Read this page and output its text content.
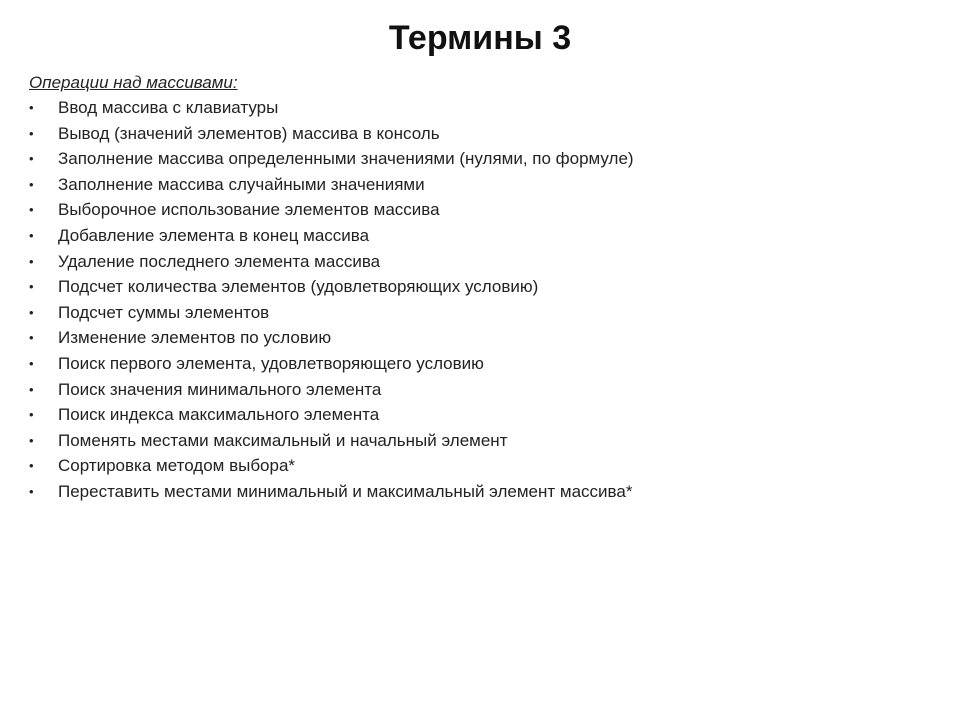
Термины 3
Операции над массивами:
•	Ввод массива с клавиатуры
•	Вывод (значений элементов) массива в консоль
•	Заполнение массива определенными значениями (нулями, по формуле)
•	Заполнение массива случайными значениями
•	Выборочное использование элементов массива
•	Добавление элемента в конец массива
•	Удаление последнего элемента массива
•	Подсчет количества элементов (удовлетворяющих условию)
•	Подсчет суммы элементов
•	Изменение элементов по условию
•	Поиск первого элемента, удовлетворяющего условию
•	Поиск значения минимального элемента
•	Поиск индекса максимального элемента
•	Поменять местами максимальный и начальный элемент
•	Сортировка методом выбора*
•	Переставить местами минимальный и максимальный элемент массива*
